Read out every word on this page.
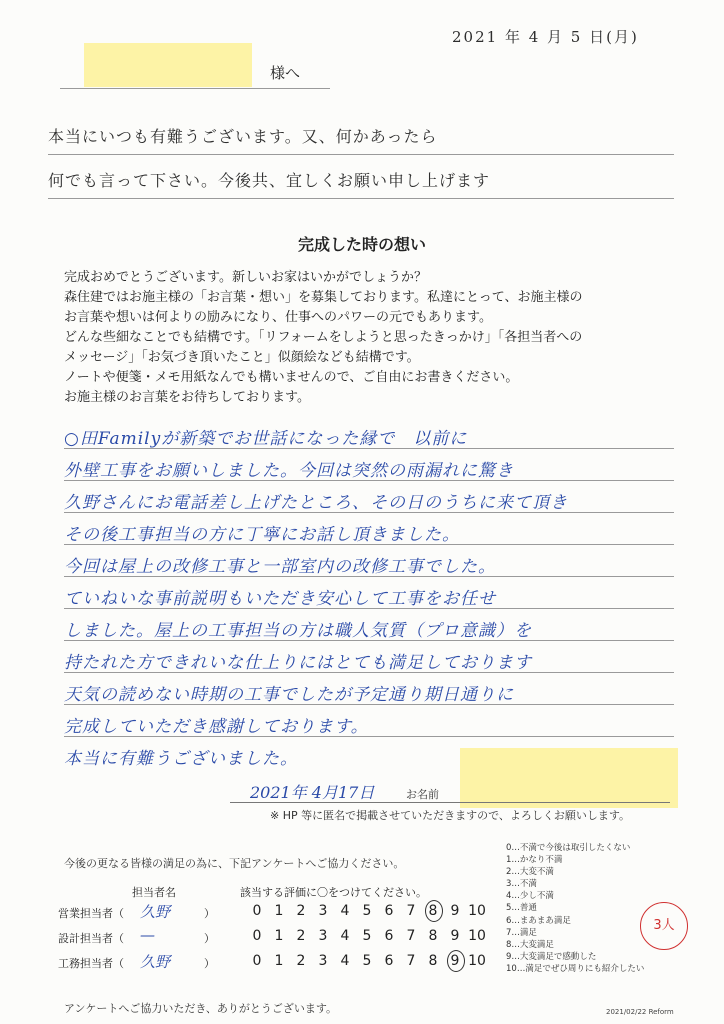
2021 年 4 月 5 日(月)
様へ
本当にいつも有難うございます。又、何かあったら
何でも言って下さい。今後共、宜しくお願い申し上げます
完成した時の想い
完成おめでとうございます。新しいお家はいかがでしょうか？
森住建ではお施主様の「お言葉・想い」を募集しております。私達にとって、お施主様の
お言葉や想いは何よりの励みになり、仕事へのパワーの元でもあります。
どんな些細なことでも結構です。「リフォームをしようと思ったきっかけ」「各担当者への
メッセージ」「お気づき頂いたこと」似顔絵なども結構です。
ノートや便箋・メモ用紙なんでも構いませんので、ご自由にお書きください。
お施主様のお言葉をお待ちしております。
○田Familyが新築でお世話になった縁で　以前に
外壁工事をお願いしました。今回は突然の雨漏れに驚き
久野さんにお電話差し上げたところ、その日のうちに来て頂き
その後工事担当の方に丁寧にお話し頂きました。
今回は屋上の改修工事と一部室内の改修工事でした。
ていねいな事前説明もいただき安心して工事をお任せ
しました。屋上の工事担当の方は職人気質（プロ意識）を
持たれた方できれいな仕上りにはとても満足しております
天気の読めない時期の工事でしたが予定通り期日通りに
完成していただき感謝しております。
本当に有難うございました。
2021年 4月17日	お名前
※ HP 等に匿名で掲載させていただきますので、よろしくお願いします。
今後の更なる皆様の満足の為に、下記アンケートへご協力ください。
担当者名	該当する評価に〇をつけてください。
営業担当者（ 久野	）	0 1 2 3 4 5 6 7 8 9 10
設計担当者（ —	）	0 1 2 3 4 5 6 7 8 9 10
工務担当者（ 久野	）	0 1 2 3 4 5 6 7 8 9 10
アンケートへご協力いただき、ありがとうございます。
0…不満で今後は取引したくない
1…かなり不満
2…大変不満
3…不満
4…少し不満
5…普通
6…まあまあ満足
7…満足
8…大変満足
9…大変満足で感動した
10…満足でぜひ周りにも紹介したい
3人
2021/02/22 Reform
